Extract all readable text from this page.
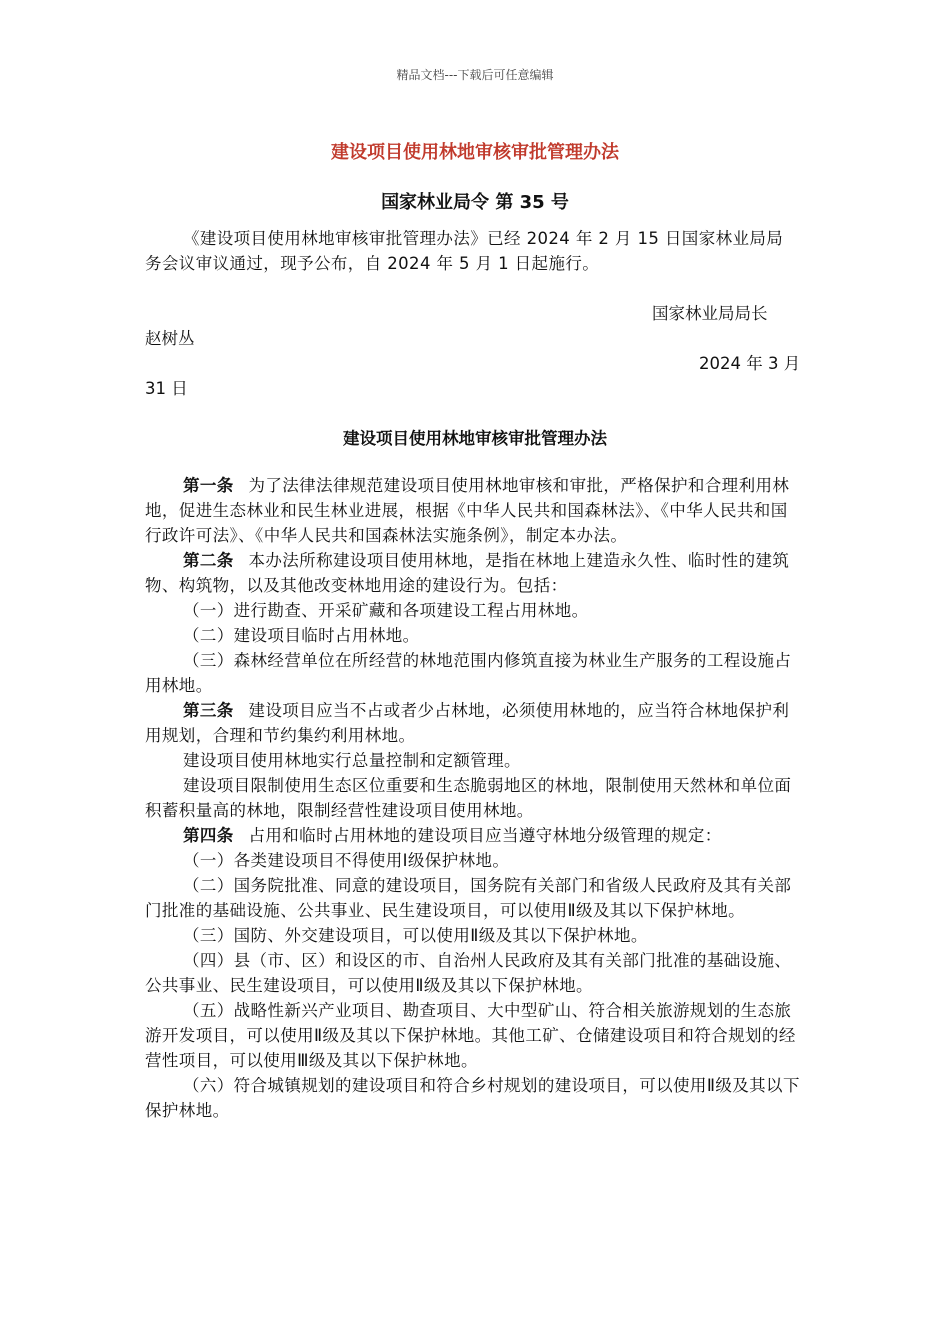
精品文档---下载后可任意编辑
建设项目使用林地审核审批管理办法
国家林业局令 第 35 号

《建设项目使用林地审核审批管理办法》已经 2024 年 2 月 15 日国家林业局局务会议审议通过，现予公布，自 2024 年 5 月 1 日起施行。

国家林业局局长
赵树丛
2024 年 3 月
31 日
建设项目使用林地审核审批管理办法

第一条 为了法律法律规范建设项目使用林地审核和审批，严格保护和合理利用林地，促进生态林业和民生林业进展，根据《中华人民共和国森林法》、《中华人民共和国行政许可法》、《中华人民共和国森林法实施条例》，制定本办法。

第二条 本办法所称建设项目使用林地，是指在林地上建造永久性、临时性的建筑物、构筑物，以及其他改变林地用途的建设行为。包括：

（一）进行勘查、开采矿藏和各项建设工程占用林地。

（二）建设项目临时占用林地。

（三）森林经营单位在所经营的林地范围内修筑直接为林业生产服务的工程设施占用林地。

第三条 建设项目应当不占或者少占林地，必须使用林地的，应当符合林地保护利用规划，合理和节约集约利用林地。

建设项目使用林地实行总量控制和定额管理。

建设项目限制使用生态区位重要和生态脆弱地区的林地，限制使用天然林和单位面积蓄积量高的林地，限制经营性建设项目使用林地。

第四条 占用和临时占用林地的建设项目应当遵守林地分级管理的规定：

（一）各类建设项目不得使用Ⅰ级保护林地。

（二）国务院批准、同意的建设项目，国务院有关部门和省级人民政府及其有关部门批准的基础设施、公共事业、民生建设项目，可以使用Ⅱ级及其以下保护林地。

（三）国防、外交建设项目，可以使用Ⅱ级及其以下保护林地。

（四）县（市、区）和设区的市、自治州人民政府及其有关部门批准的基础设施、公共事业、民生建设项目，可以使用Ⅱ级及其以下保护林地。

（五）战略性新兴产业项目、勘查项目、大中型矿山、符合相关旅游规划的生态旅游开发项目，可以使用Ⅱ级及其以下保护林地。其他工矿、仓储建设项目和符合规划的经营性项目，可以使用Ⅲ级及其以下保护林地。

（六）符合城镇规划的建设项目和符合乡村规划的建设项目，可以使用Ⅱ级及其以下保护林地。
